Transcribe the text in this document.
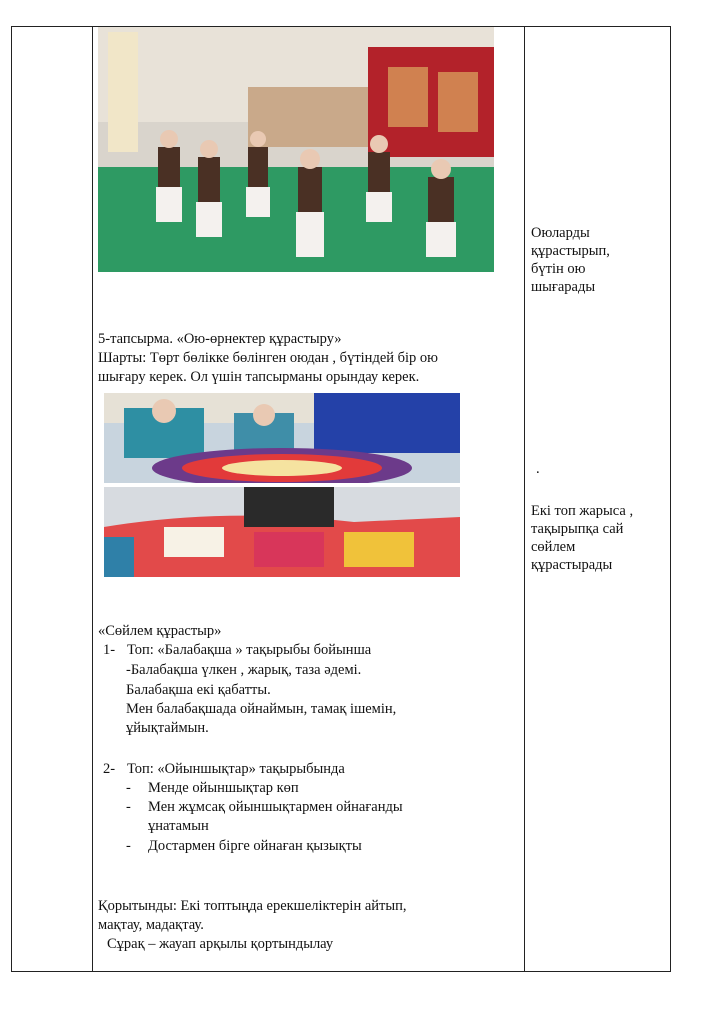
5-тапсырма. «Ою-өрнектер құрастыру»
Шарты: Төрт бөлікке бөлінген оюдан , бүтіндей бір ою
шығару керек. Ол үшін тапсырманы орындау керек.
«Сөйлем құрастыр»
1- Топ: «Балабақша » тақырыбы бойынша
-Балабақша үлкен , жарық, таза әдемі.
Балабақша екі қабатты.
Мен балабақшада ойнаймын, тамақ ішемін,
ұйықтаймын.
2- Топ: «Ойыншықтар» тақырыбында
- Менде ойыншықтар көп
- Мен жұмсақ ойыншықтармен ойнағанды
ұнатамын
- Достармен бірге ойнаған қызықты
Қорытынды: Екі топтыңда ерекшеліктерін айтып,
мақтау, мадақтау.
Сұрақ – жауап арқылы қортындылау
Оюларды
құрастырып,
бүтін ою
шығарады
.
Екі топ жарыса ,
тақырыпқа сай
сөйлем
құрастырады
